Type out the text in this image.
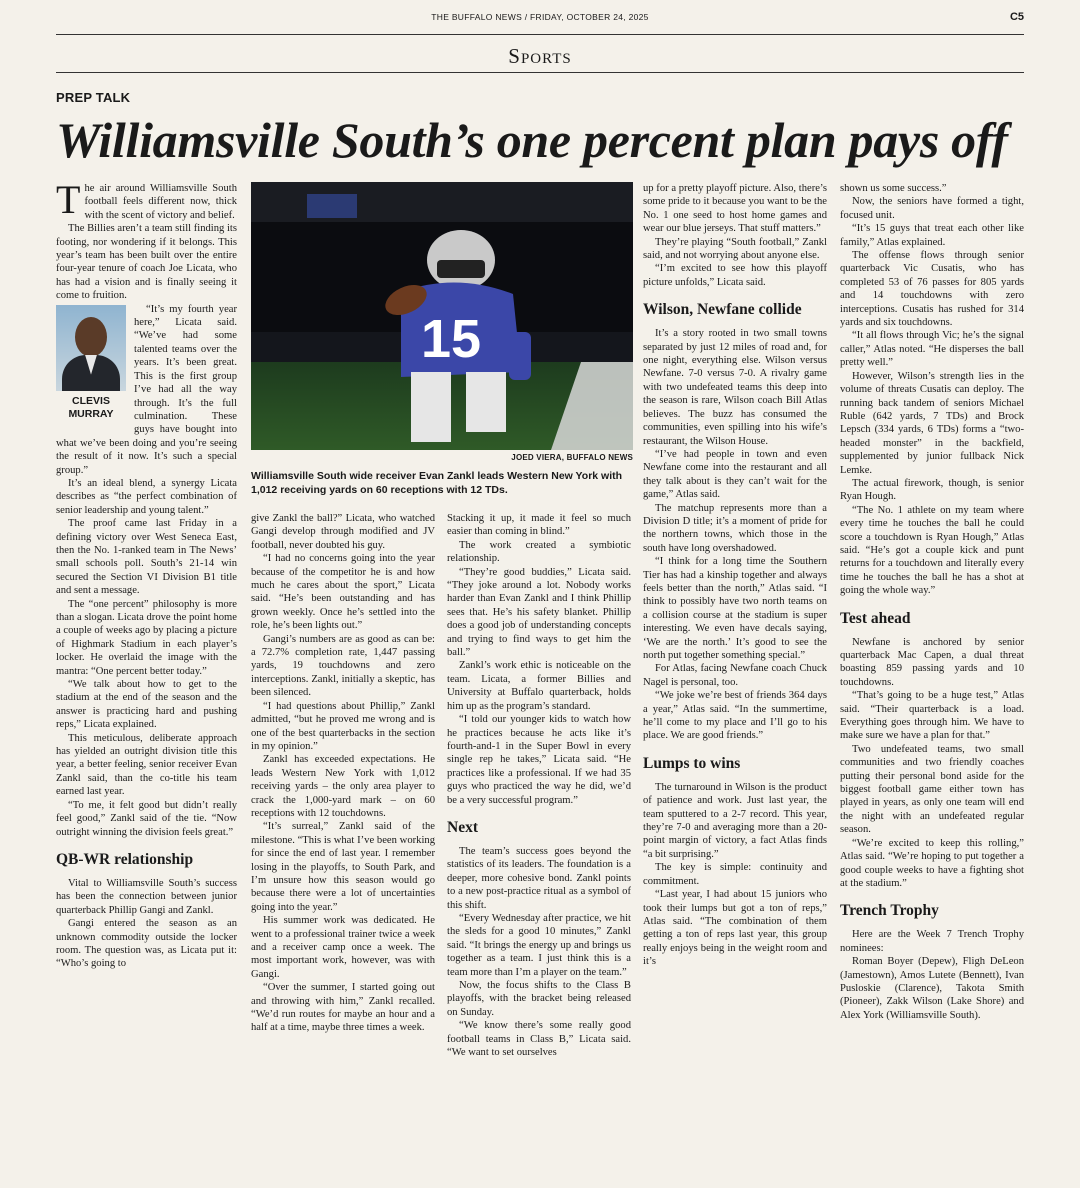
THE BUFFALO NEWS / FRIDAY, OCTOBER 24, 2025	C5
Sports
PREP TALK
Williamsville South’s one percent plan pays off
15
JOED VIERA, BUFFALO NEWS
Williamsville South wide receiver Evan Zankl leads Western New York with 1,012 receiving yards on 60 receptions with 12 TDs.

The air around Williamsville South football feels different now, thick with the scent of victory and belief.

The Billies aren’t a team still finding its footing, nor wondering if it belongs. This year’s team has been built over the entire four-year tenure of coach Joe Licata, who has had a vision and is finally seeing it come to fruition.

CLEVIS
MURRAY

“It’s my fourth year here,” Licata said. “We’ve had some talented teams over the years. It’s been great. This is the first group I’ve had all the way through. It’s the full culmination. These guys have bought into what we’ve been doing and you’re seeing the result of it now. It’s such a special group.”

It’s an ideal blend, a synergy Licata describes as “the perfect combination of senior leadership and young talent.”

The proof came last Friday in a defining victory over West Seneca East, then the No. 1-ranked team in The News’ small schools poll. South’s 21-14 win secured the Section VI Division B1 title and sent a message.

The “one percent” philosophy is more than a slogan. Licata drove the point home a couple of weeks ago by placing a picture of Highmark Stadium in each player’s locker. He overlaid the image with the mantra: “One percent better today.”

“We talk about how to get to the stadium at the end of the season and the answer is practicing hard and pushing reps,” Licata explained.

This meticulous, deliberate approach has yielded an outright division title this year, a better feeling, senior receiver Evan Zankl said, than the co-title his team earned last year.

“To me, it felt good but didn’t really feel good,” Zankl said of the tie. “Now outright winning the division feels great.”

QB-WR relationship

Vital to Williamsville South’s success has been the connection between junior quarterback Phillip Gangi and Zankl.

Gangi entered the season as an unknown commodity outside the locker room. The question was, as Licata put it: “Who’s going to

give Zankl the ball?” Licata, who watched Gangi develop through modified and JV football, never doubted his guy.

“I had no concerns going into the year because of the competitor he is and how much he cares about the sport,” Licata said. “He’s been outstanding and has grown weekly. Once he’s settled into the role, he’s been lights out.”

Gangi’s numbers are as good as can be: a 72.7% completion rate, 1,447 passing yards, 19 touchdowns and zero interceptions. Zankl, initially a skeptic, has been silenced.

“I had questions about Phillip,” Zankl admitted, “but he proved me wrong and is one of the best quarterbacks in the section in my opinion.”

Zankl has exceeded expectations. He leads Western New York with 1,012 receiving yards – the only area player to crack the 1,000-yard mark – on 60 receptions with 12 touchdowns.

“It’s surreal,” Zankl said of the milestone. “This is what I’ve been working for since the end of last year. I remember losing in the playoffs, to South Park, and I’m unsure how this season would go because there were a lot of uncertainties going into the year.”

His summer work was dedicated. He went to a professional trainer twice a week and a receiver camp once a week. The most important work, however, was with Gangi.

“Over the summer, I started going out and throwing with him,” Zankl recalled. “We’d run routes for maybe an hour and a half at a time, maybe three times a week.

Stacking it up, it made it feel so much easier than coming in blind.”

The work created a symbiotic relationship.

“They’re good buddies,” Licata said. “They joke around a lot. Nobody works harder than Evan Zankl and I think Phillip sees that. He’s his safety blanket. Phillip does a good job of understanding concepts and trying to find ways to get him the ball.”

Zankl’s work ethic is noticeable on the team. Licata, a former Billies and University at Buffalo quarterback, holds him up as the program’s standard.

“I told our younger kids to watch how he practices because he acts like it’s fourth-and-1 in the Super Bowl in every single rep he takes,” Licata said. “He practices like a professional. If we had 35 guys who practiced the way he did, we’d be a very successful program.”

Next

The team’s success goes beyond the statistics of its leaders. The foundation is a deeper, more cohesive bond. Zankl points to a new post-practice ritual as a symbol of this shift.

“Every Wednesday after practice, we hit the sleds for a good 10 minutes,” Zankl said. “It brings the energy up and brings us together as a team. I just think this is a team more than I’m a player on the team.”

Now, the focus shifts to the Class B playoffs, with the bracket being released on Sunday.

“We know there’s some really good football teams in Class B,” Licata said. “We want to set ourselves

up for a pretty playoff picture. Also, there’s some pride to it because you want to be the No. 1 one seed to host home games and wear our blue jerseys. That stuff matters.”

They’re playing “South football,” Zankl said, and not worrying about anyone else.

“I’m excited to see how this playoff picture unfolds,” Licata said.

Wilson, Newfane collide

It’s a story rooted in two small towns separated by just 12 miles of road and, for one night, everything else. Wilson versus Newfane. 7-0 versus 7-0. A rivalry game with two undefeated teams this deep into the season is rare, Wilson coach Bill Atlas believes. The buzz has consumed the communities, even spilling into his wife’s restaurant, the Wilson House.

“I’ve had people in town and even Newfane come into the restaurant and all they talk about is they can’t wait for the game,” Atlas said.

The matchup represents more than a Division D title; it’s a moment of pride for the northern towns, which those in the south have long overshadowed.

“I think for a long time the Southern Tier has had a kinship together and always feels better than the north,” Atlas said. “I think to possibly have two north teams on a collision course at the stadium is super interesting. We even have decals saying, ‘We are the north.’ It’s good to see the north put together something special.”

For Atlas, facing Newfane coach Chuck Nagel is personal, too.

“We joke we’re best of friends 364 days a year,” Atlas said. “In the summertime, he’ll come to my place and I’ll go to his place. We are good friends.”

Lumps to wins

The turnaround in Wilson is the product of patience and work. Just last year, the team sputtered to a 2-7 record. This year, they’re 7-0 and averaging more than a 20-point margin of victory, a fact Atlas finds “a bit surprising.”

The key is simple: continuity and commitment.

“Last year, I had about 15 juniors who took their lumps but got a ton of reps,” Atlas said. “The combination of them getting a ton of reps last year, this group really enjoys being in the weight room and it’s

shown us some success.”

Now, the seniors have formed a tight, focused unit.

“It’s 15 guys that treat each other like family,” Atlas explained.

The offense flows through senior quarterback Vic Cusatis, who has completed 53 of 76 passes for 805 yards and 14 touchdowns with zero interceptions. Cusatis has rushed for 314 yards and six touchdowns.

“It all flows through Vic; he’s the signal caller,” Atlas noted. “He disperses the ball pretty well.”

However, Wilson’s strength lies in the volume of threats Cusatis can deploy. The running back tandem of seniors Michael Ruble (642 yards, 7 TDs) and Brock Lepsch (334 yards, 6 TDs) forms a “two-headed monster” in the backfield, supplemented by junior fullback Nick Lemke.

The actual firework, though, is senior Ryan Hough.

“The No. 1 athlete on my team where every time he touches the ball he could score a touchdown is Ryan Hough,” Atlas said. “He’s got a couple kick and punt returns for a touchdown and literally every time he touches the ball he has a shot at going the whole way.”

Test ahead

Newfane is anchored by senior quarterback Mac Capen, a dual threat boasting 859 passing yards and 10 touchdowns.

“That’s going to be a huge test,” Atlas said. “Their quarterback is a load. Everything goes through him. We have to make sure we have a plan for that.”

Two undefeated teams, two small communities and two friendly coaches putting their personal bond aside for the biggest football game either town has played in years, as only one team will end the night with an undefeated regular season.

“We’re excited to keep this rolling,” Atlas said. “We’re hoping to put together a good couple weeks to have a fighting shot at the stadium.”

Trench Trophy

Here are the Week 7 Trench Trophy nominees:

Roman Boyer (Depew), Fligh DeLeon (Jamestown), Amos Lutete (Bennett), Ivan Pusloskie (Clarence), Takota Smith (Pioneer), Zakk Wilson (Lake Shore) and Alex York (Williamsville South).
